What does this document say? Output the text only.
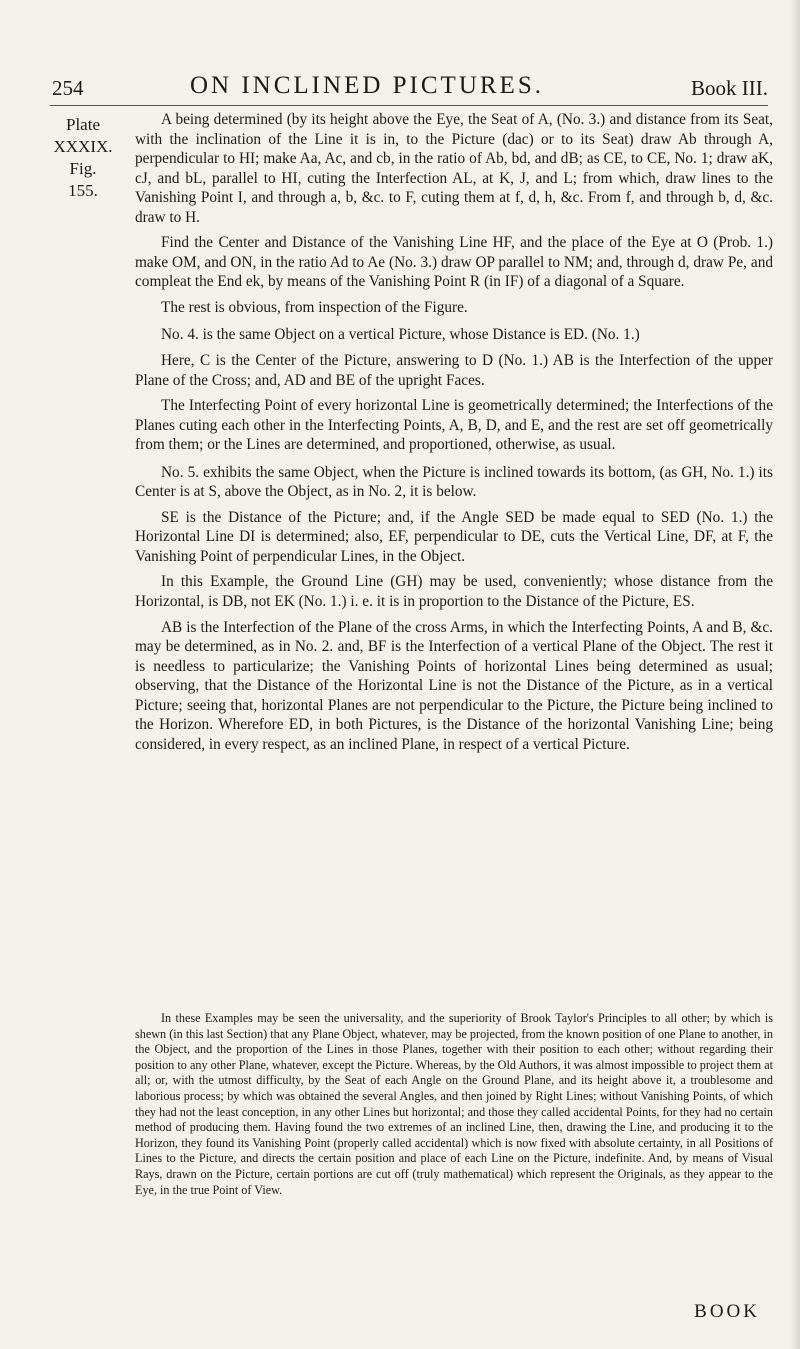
254	ON INCLINED PICTURES.	Book III.
Plate
XXXIX.
Fig. 155.

A being determined (by its height above the Eye, the Seat of A, (No. 3.) and distance from its Seat, with the inclination of the Line it is in, to the Picture (dac) or to its Seat) draw Ab through A, perpendicular to HI; make Aa, Ac, and cb, in the ratio of Ab, bd, and dB; as CE, to CE, No. 1; draw aK, cJ, and bL, parallel to HI, cuting the Interfection AL, at K, J, and L; from which, draw lines to the Vanishing Point I, and through a, b, &c. to F, cuting them at f, d, h, &c. From f, and through b, d, &c. draw to H.

Find the Center and Distance of the Vanishing Line HF, and the place of the Eye at O (Prob. 1.) make OM, and ON, in the ratio Ad to Ae (No. 3.) draw OP parallel to NM; and, through d, draw Pe, and compleat the End ek, by means of the Vanishing Point R (in IF) of a diagonal of a Square.

The rest is obvious, from inspection of the Figure.

No. 4. is the same Object on a vertical Picture, whose Distance is ED. (No. 1.)

Here, C is the Center of the Picture, answering to D (No. 1.) AB is the Interfection of the upper Plane of the Cross; and, AD and BE of the upright Faces.

The Interfecting Point of every horizontal Line is geometrically determined; the Interfections of the Planes cuting each other in the Interfecting Points, A, B, D, and E, and the rest are set off geometrically from them; or the Lines are determined, and proportioned, otherwise, as usual.

No. 5. exhibits the same Object, when the Picture is inclined towards its bottom, (as GH, No. 1.) its Center is at S, above the Object, as in No. 2, it is below.

SE is the Distance of the Picture; and, if the Angle SED be made equal to SED (No. 1.) the Horizontal Line DI is determined; also, EF, perpendicular to DE, cuts the Vertical Line, DF, at F, the Vanishing Point of perpendicular Lines, in the Object.

In this Example, the Ground Line (GH) may be used, conveniently; whose distance from the Horizontal, is DB, not EK (No. 1.) i. e. it is in proportion to the Distance of the Picture, ES.

AB is the Interfection of the Plane of the cross Arms, in which the Interfecting Points, A and B, &c. may be determined, as in No. 2. and, BF is the Interfection of a vertical Plane of the Object. The rest it is needless to particularize; the Vanishing Points of horizontal Lines being determined as usual; observing, that the Distance of the Horizontal Line is not the Distance of the Picture, as in a vertical Picture; seeing that, horizontal Planes are not perpendicular to the Picture, the Picture being inclined to the Horizon. Wherefore ED, in both Pictures, is the Distance of the horizontal Vanishing Line; being considered, in every respect, as an inclined Plane, in respect of a vertical Picture.

In these Examples may be seen the universality, and the superiority of Brook Taylor's Principles to all other; by which is shewn (in this last Section) that any Plane Object, whatever, may be projected, from the known position of one Plane to another, in the Object, and the proportion of the Lines in those Planes, together with their position to each other; without regarding their position to any other Plane, whatever, except the Picture. Whereas, by the Old Authors, it was almost impossible to project them at all; or, with the utmost difficulty, by the Seat of each Angle on the Ground Plane, and its height above it, a troublesome and laborious process; by which was obtained the several Angles, and then joined by Right Lines; without Vanishing Points, of which they had not the least conception, in any other Lines but horizontal; and those they called accidental Points, for they had no certain method of producing them. Having found the two extremes of an inclined Line, then, drawing the Line, and producing it to the Horizon, they found its Vanishing Point (properly called accidental) which is now fixed with absolute certainty, in all Positions of Lines to the Picture, and directs the certain position and place of each Line on the Picture, indefinite. And, by means of Visual Rays, drawn on the Picture, certain portions are cut off (truly mathematical) which represent the Originals, as they appear to the Eye, in the true Point of View.

BOOK
